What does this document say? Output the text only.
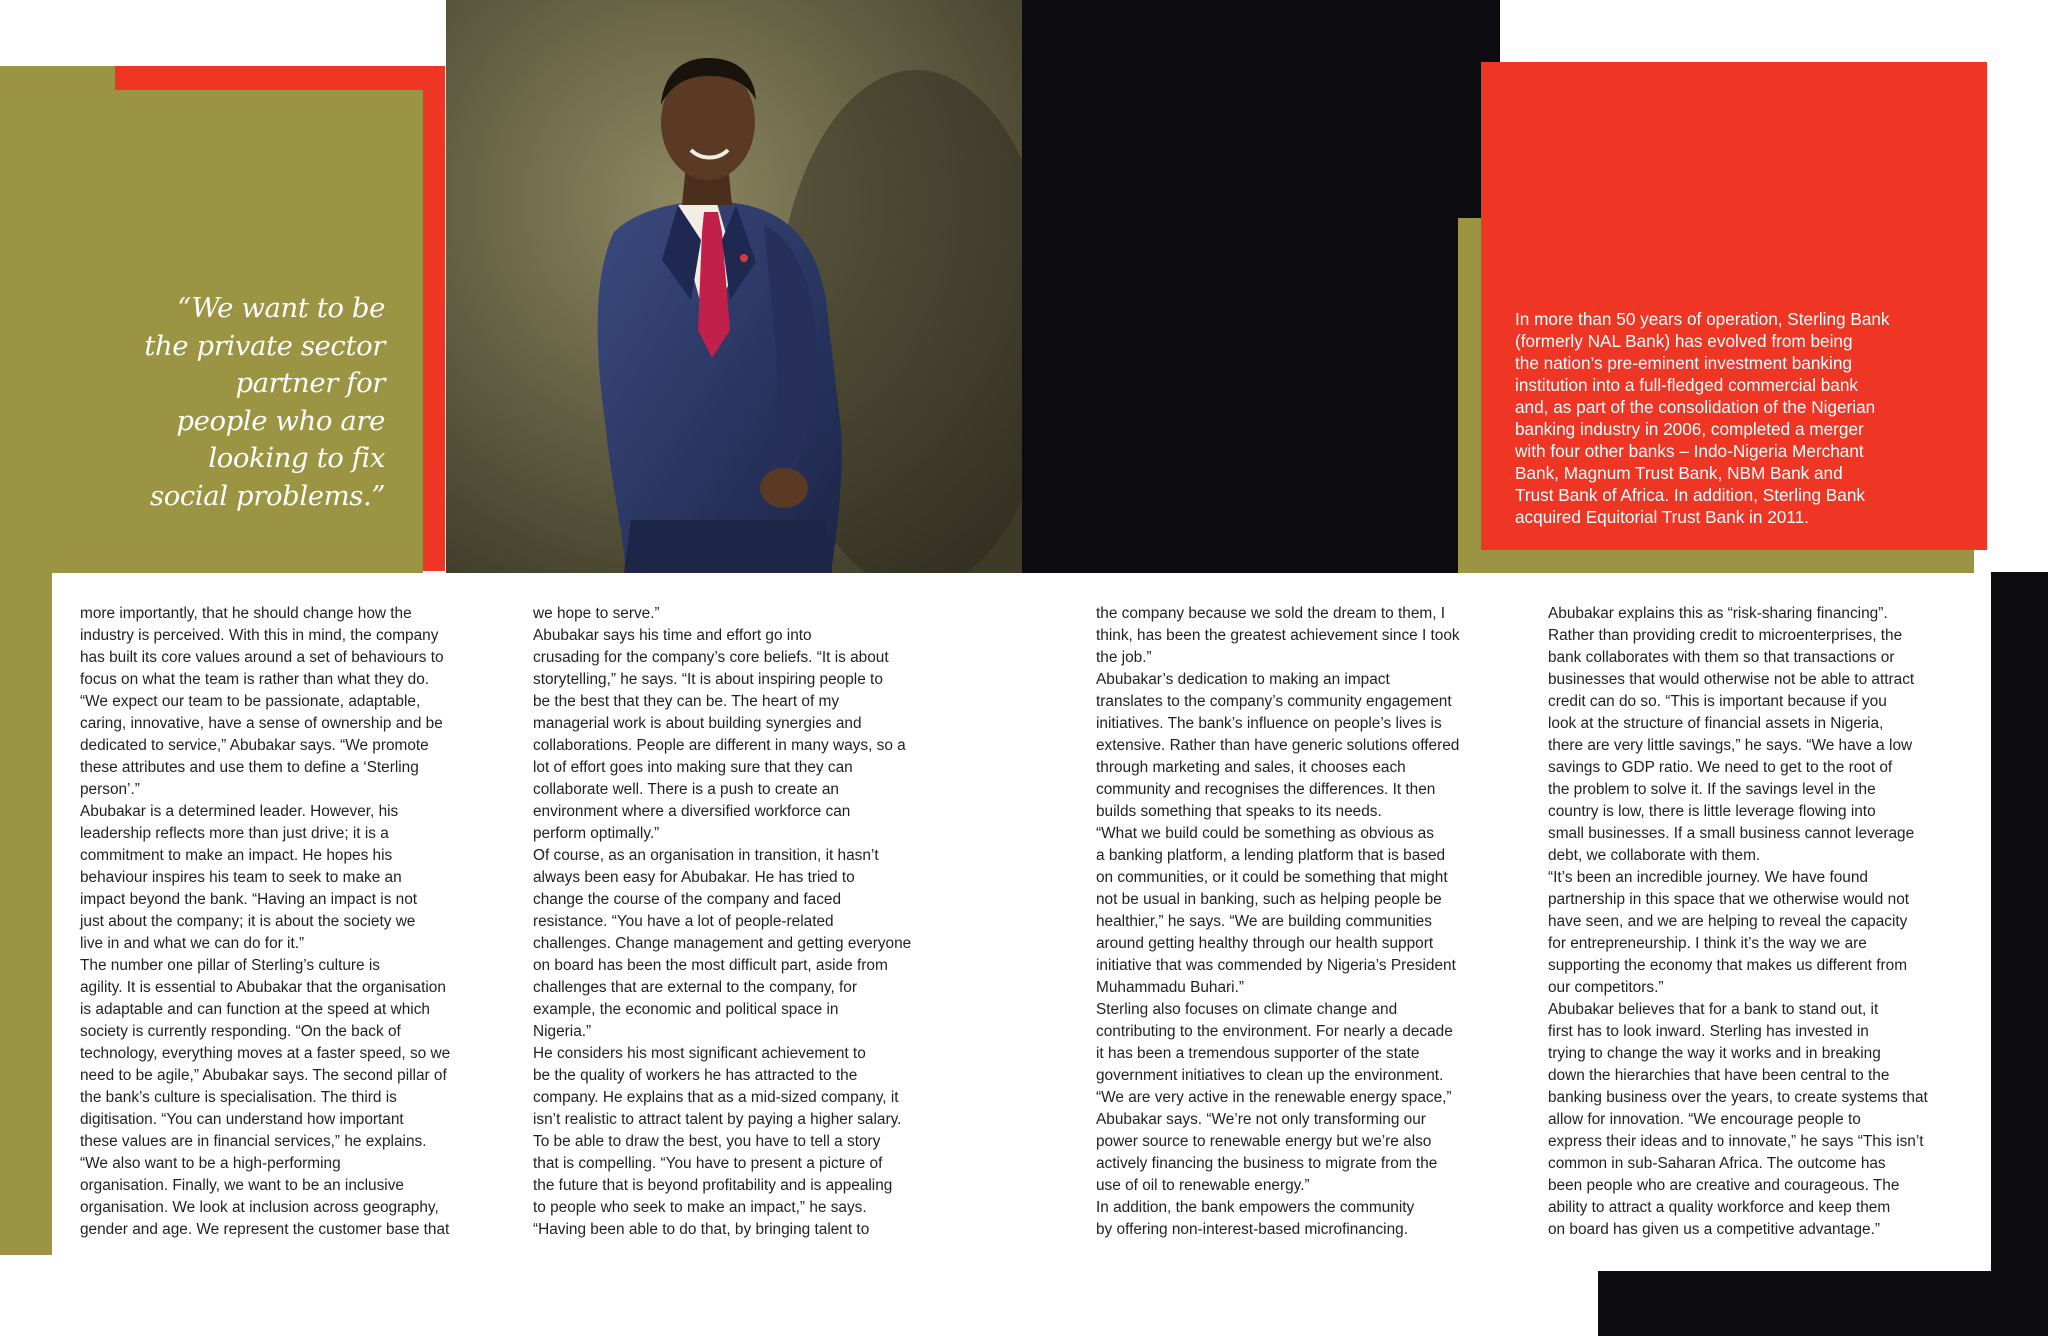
“We want to be
the private sector
partner for
people who are
looking to fix
social problems.”
In more than 50 years of operation, Sterling Bank
(formerly NAL Bank) has evolved from being
the nation’s pre-eminent investment banking
institution into a full-fledged commercial bank
and, as part of the consolidation of the Nigerian
banking industry in 2006, completed a merger
with four other banks – Indo-Nigeria Merchant
Bank, Magnum Trust Bank, NBM Bank and
Trust Bank of Africa. In addition, Sterling Bank
acquired Equitorial Trust Bank in 2011.

more importantly, that he should change how the

industry is perceived. With this in mind, the company

has built its core values around a set of behaviours to

focus on what the team is rather than what they do.

“We expect our team to be passionate, adaptable,

caring, innovative, have a sense of ownership and be

dedicated to service,” Abubakar says. “We promote

these attributes and use them to define a ‘Sterling

person’.”

Abubakar is a determined leader. However, his

leadership reflects more than just drive; it is a

commitment to make an impact. He hopes his

behaviour inspires his team to seek to make an

impact beyond the bank. “Having an impact is not

just about the company; it is about the society we

live in and what we can do for it.”

The number one pillar of Sterling’s culture is

agility. It is essential to Abubakar that the organisation

is adaptable and can function at the speed at which

society is currently responding. “On the back of

technology, everything moves at a faster speed, so we

need to be agile,” Abubakar says. The second pillar of

the bank’s culture is specialisation. The third is

digitisation. “You can understand how important

these values are in financial services,” he explains.

“We also want to be a high-performing

organisation. Finally, we want to be an inclusive

organisation. We look at inclusion across geography,

gender and age. We represent the customer base that

we hope to serve.”

Abubakar says his time and effort go into

crusading for the company’s core beliefs. “It is about

storytelling,” he says. “It is about inspiring people to

be the best that they can be. The heart of my

managerial work is about building synergies and

collaborations. People are different in many ways, so a

lot of effort goes into making sure that they can

collaborate well. There is a push to create an

environment where a diversified workforce can

perform optimally.”

Of course, as an organisation in transition, it hasn’t

always been easy for Abubakar. He has tried to

change the course of the company and faced

resistance. “You have a lot of people-related

challenges. Change management and getting everyone

on board has been the most difficult part, aside from

challenges that are external to the company, for

example, the economic and political space in

Nigeria.”

He considers his most significant achievement to

be the quality of workers he has attracted to the

company. He explains that as a mid-sized company, it

isn’t realistic to attract talent by paying a higher salary.

To be able to draw the best, you have to tell a story

that is compelling. “You have to present a picture of

the future that is beyond profitability and is appealing

to people who seek to make an impact,” he says.

“Having been able to do that, by bringing talent to

the company because we sold the dream to them, I

think, has been the greatest achievement since I took

the job.”

Abubakar’s dedication to making an impact

translates to the company’s community engagement

initiatives. The bank’s influence on people’s lives is

extensive. Rather than have generic solutions offered

through marketing and sales, it chooses each

community and recognises the differences. It then

builds something that speaks to its needs.

“What we build could be something as obvious as

a banking platform, a lending platform that is based

on communities, or it could be something that might

not be usual in banking, such as helping people be

healthier,” he says. “We are building communities

around getting healthy through our health support

initiative that was commended by Nigeria’s President

Muhammadu Buhari.”

Sterling also focuses on climate change and

contributing to the environment. For nearly a decade

it has been a tremendous supporter of the state

government initiatives to clean up the environment.

“We are very active in the renewable energy space,”

Abubakar says. “We’re not only transforming our

power source to renewable energy but we’re also

actively financing the business to migrate from the

use of oil to renewable energy.”

In addition, the bank empowers the community

by offering non-interest-based microfinancing.

Abubakar explains this as “risk-sharing financing”.

Rather than providing credit to microenterprises, the

bank collaborates with them so that transactions or

businesses that would otherwise not be able to attract

credit can do so. “This is important because if you

look at the structure of financial assets in Nigeria,

there are very little savings,” he says. “We have a low

savings to GDP ratio. We need to get to the root of

the problem to solve it. If the savings level in the

country is low, there is little leverage flowing into

small businesses. If a small business cannot leverage

debt, we collaborate with them.

“It’s been an incredible journey. We have found

partnership in this space that we otherwise would not

have seen, and we are helping to reveal the capacity

for entrepreneurship. I think it’s the way we are

supporting the economy that makes us different from

our competitors.”

Abubakar believes that for a bank to stand out, it

first has to look inward. Sterling has invested in

trying to change the way it works and in breaking

down the hierarchies that have been central to the

banking business over the years, to create systems that

allow for innovation. “We encourage people to

express their ideas and to innovate,” he says “This isn’t

common in sub-Saharan Africa. The outcome has

been people who are creative and courageous. The

ability to attract a quality workforce and keep them

on board has given us a competitive advantage.”
